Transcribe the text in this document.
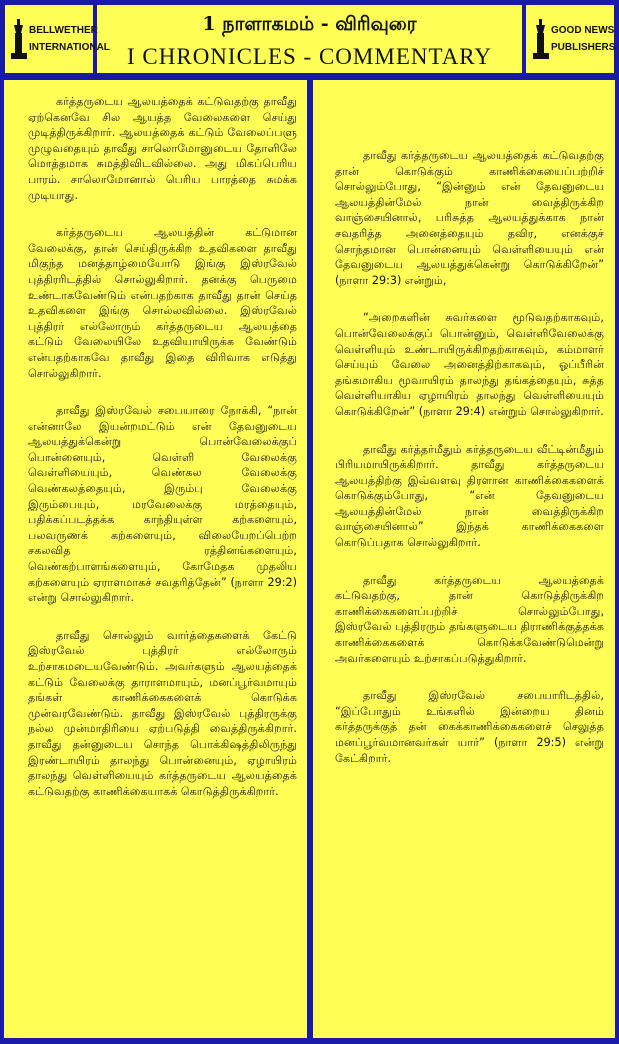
BELLWETHER
INTERNATIONAL
1 நாளாகமம் - விரிவுரை
I CHRONICLES - COMMENTARY
GOOD NEWS
PUBLISHERS

கர்த்தருடைய ஆலயத்தைக் கட்டுவதற்கு தாவீது ஏற்கெனவே சில ஆயத்த வேலைகளை செய்து முடித்திருக்கிறார். ஆலயத்தைக் கட்டும் வேலைப்பளு முழுவதையும் தாவீது சாலொமோனுடைய தோளிலே மொத்தமாக சுமத்திவிடவில்லை. அது மிகப்பெரிய பாரம். சாலொமோனால் பெரிய பாரத்தை சுமக்க முடியாது.

கர்த்தருடைய ஆலயத்தின் கட்டுமான வேலைக்கு, தான் செய்திருக்கிற உதவிகளை தாவீது மிகுந்த மனத்தாழ்மையோடு இங்கு இஸ்ரவேல் புத்திரரிடத்தில் சொல்லுகிறார். தனக்கு பெருமை உண்டாகவேண்டும் என்பதற்காக தாவீது தான் செய்த உதவிகளை இங்கு சொல்லவில்லை. இஸ்ரவேல் புத்திரர் எல்லோரும் கர்த்தருடைய ஆலயத்தை கட்டும் வேலையிலே உதவியாயிருக்க வேண்டும் என்பதற்காகவே தாவீது இதை விரிவாக எடுத்து சொல்லுகிறார்.

தாவீது இஸ்ரவேல் சபையாரை நோக்கி, “நான் என்னாலே இயன்றமட்டும் என் தேவனுடைய ஆலயத்துக்கென்று பொன்வேலைக்குப் பொன்னையும், வெள்ளி வேலைக்கு வெள்ளியையும், வெண்கல வேலைக்கு வெண்கலத்தையும், இரும்பு வேலைக்கு இரும்பையும், மரவேலைக்கு மரத்தையும், பதிக்கப்படத்தக்க காந்தியுள்ள கற்களையும், பலவருணக் கற்களையும், விலையேறப்பெற்ற சகலவித ரத்தினங்களையும், வெண்கற்பாளங்களையும், கோமேதக முதலிய கற்களையும் ஏராளமாகச் சவதரித்தேன்” (நாளா 29:2) என்று சொல்லுகிறார்.

தாவீது சொல்லும் வார்த்தைகளைக் கேட்டு இஸ்ரவேல் புத்திரர் எல்லோரும் உற்சாகமடையவேண்டும். அவர்களும் ஆலயத்தைக் கட்டும் வேலைக்கு தாராளமாயும், மனப்பூர்வமாயும் தங்கள் காணிக்கைகளைக் கொடுக்க முன்வரவேண்டும். தாவீது இஸ்ரவேல் புத்திரருக்கு நல்ல முன்மாதிரியை ஏற்படுத்தி வைத்திருக்கிறார். தாவீது தன்னுடைய சொந்த பொக்கிஷத்திலிருந்து இரண்டாயிரம் தாலந்து பொன்னையும், ஏழாயிரம் தாலந்து வெள்ளியையும் கர்த்தருடைய ஆலயத்தைக் கட்டுவதற்கு காணிக்கையாகக் கொடுத்திருக்கிறார்.

தாவீது கர்த்தருடைய ஆலயத்தைக் கட்டுவதற்கு தான் கொடுக்கும் காணிக்கையைப்பற்றிச் சொல்லும்போது, “இன்னும் என் தேவனுடைய ஆலயத்தின்மேல் நான் வைத்திருக்கிற வாஞ்சையினால், பரிசுத்த ஆலயத்துக்காக நான் சவதரித்த அனைத்தையும் தவிர, எனக்குச் சொந்தமான பொன்னையும் வெள்ளியையும் என் தேவனுடைய ஆலயத்துக்கென்று கொடுக்கிறேன்” (நாளா 29:3) என்றும்,

“அறைகளின் சுவர்களை மூடுவதற்காகவும், பொன்வேலைக்குப் பொன்னும், வெள்ளிவேலைக்கு வெள்ளியும் உண்டாயிருக்கிறதற்காகவும், கம்மாளர் செய்யும் வேலை அனைத்திற்காகவும், ஓப்பீரின் தங்கமாகிய மூவாயிரம் தாலந்து தங்கத்தையும், சுத்த வெள்ளியாகிய ஏழாயிரம் தாலந்து வெள்ளியையும் கொடுக்கிறேன்” (நாளா 29:4) என்றும் சொல்லுகிறார்.

தாவீது கர்த்தர்மீதும் கர்த்தருடைய வீட்டின்மீதும் பிரியமாயிருக்கிறார். தாவீது கர்த்தருடைய ஆலயத்திற்கு இவ்வளவு திரளான காணிக்கைகளைக் கொடுக்கும்போது, “என் தேவனுடைய ஆலயத்தின்மேல் நான் வைத்திருக்கிற வாஞ்சையினால்” இந்தக் காணிக்கைகளை கொடுப்பதாக சொல்லுகிறார்.

தாவீது கர்த்தருடைய ஆலயத்தைக் கட்டுவதற்கு, தான் கொடுத்திருக்கிற காணிக்கைகளைப்பற்றிச் சொல்லும்போது, இஸ்ரவேல் புத்திரரும் தங்களுடைய திராணிக்குத்தக்க காணிக்கைகளைக் கொடுக்கவேண்டுமென்று அவர்களையும் உற்சாகப்படுத்துகிறார்.

தாவீது இஸ்ரவேல் சபையாரிடத்தில், “இப்போதும் உங்களில் இன்றைய தினம் கர்த்தருக்குத் தன் கைக்காணிக்கைகளைச் செலுத்த மனப்பூர்வமானவர்கள் யார்” (நாளா 29:5) என்று கேட்கிறார்.
